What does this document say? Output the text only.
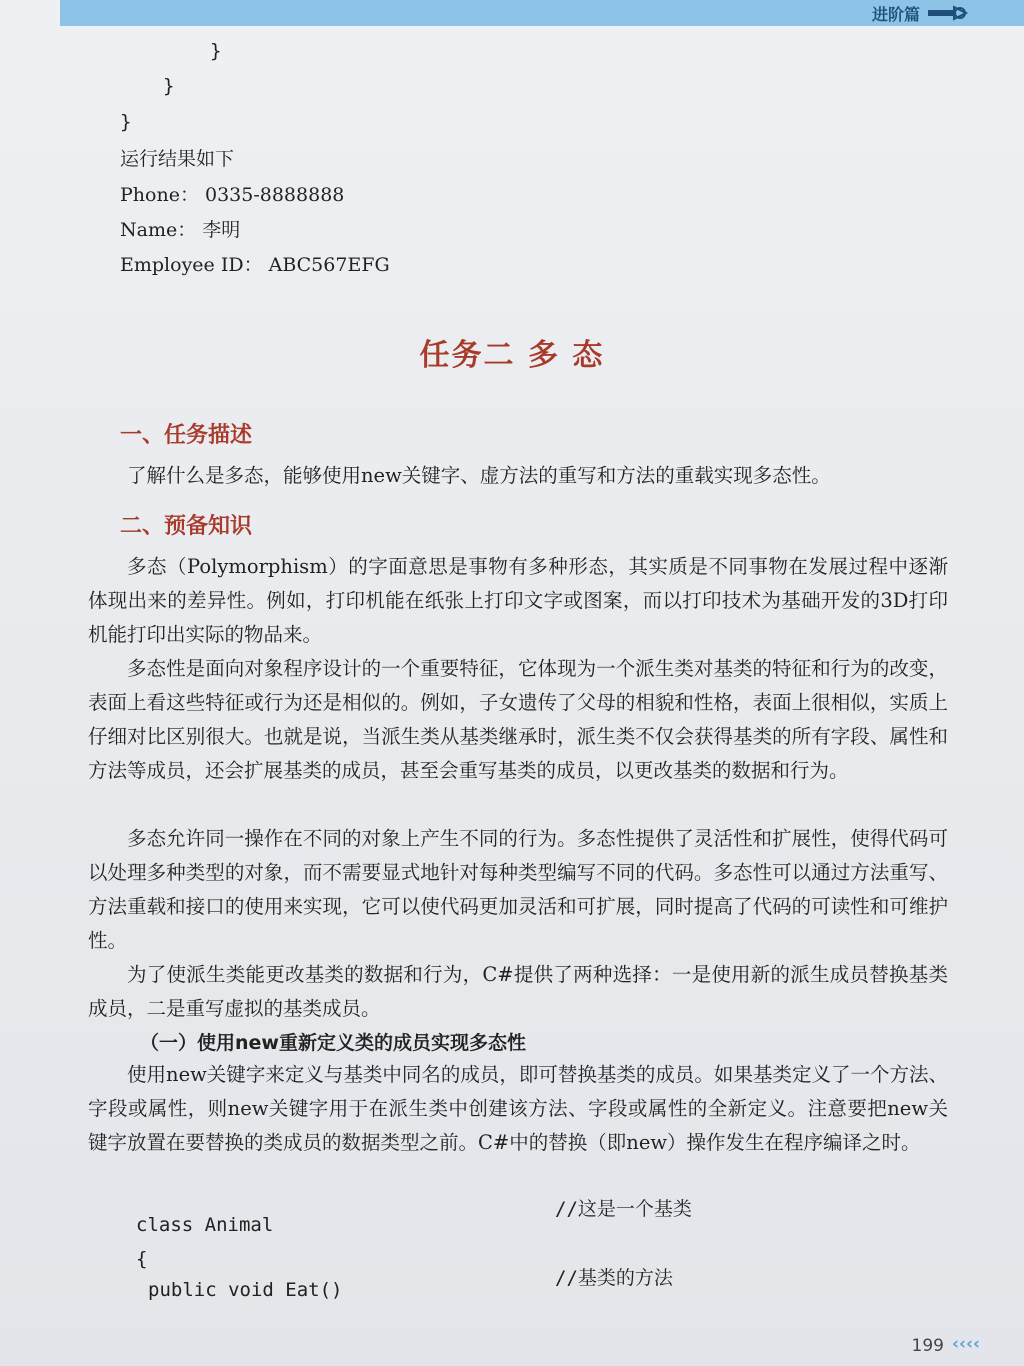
进阶篇
}
}
}
运行结果如下
Phone： 0335-8888888
Name： 李明
Employee ID： ABC567EFG
任务二 多 态
一、任务描述
了解什么是多态，能够使用new关键字、虚方法的重写和方法的重载实现多态性。
二、预备知识
多态（Polymorphism）的字面意思是事物有多种形态，其实质是不同事物在发展过程中逐渐体现出来的差异性。例如，打印机能在纸张上打印文字或图案，而以打印技术为基础开发的3D打印机能打印出实际的物品来。
多态性是面向对象程序设计的一个重要特征，它体现为一个派生类对基类的特征和行为的改变，表面上看这些特征或行为还是相似的。例如，子女遗传了父母的相貌和性格，表面上很相似，实质上仔细对比区别很大。也就是说，当派生类从基类继承时，派生类不仅会获得基类的所有字段、属性和方法等成员，还会扩展基类的成员，甚至会重写基类的成员，以更改基类的数据和行为。
多态允许同一操作在不同的对象上产生不同的行为。多态性提供了灵活性和扩展性，使得代码可以处理多种类型的对象，而不需要显式地针对每种类型编写不同的代码。多态性可以通过方法重写、方法重载和接口的使用来实现，它可以使代码更加灵活和可扩展，同时提高了代码的可读性和可维护性。
为了使派生类能更改基类的数据和行为，C#提供了两种选择：一是使用新的派生成员替换基类成员，二是重写虚拟的基类成员。
（一）使用new重新定义类的成员实现多态性
使用new关键字来定义与基类中同名的成员，即可替换基类的成员。如果基类定义了一个方法、字段或属性，则new关键字用于在派生类中创建该方法、字段或属性的全新定义。注意要把new关键字放置在要替换的类成员的数据类型之前。C#中的替换（即new）操作发生在程序编译之时。
class Animal
//这是一个基类
{
public void Eat()
//基类的方法
199 ‹‹‹‹
